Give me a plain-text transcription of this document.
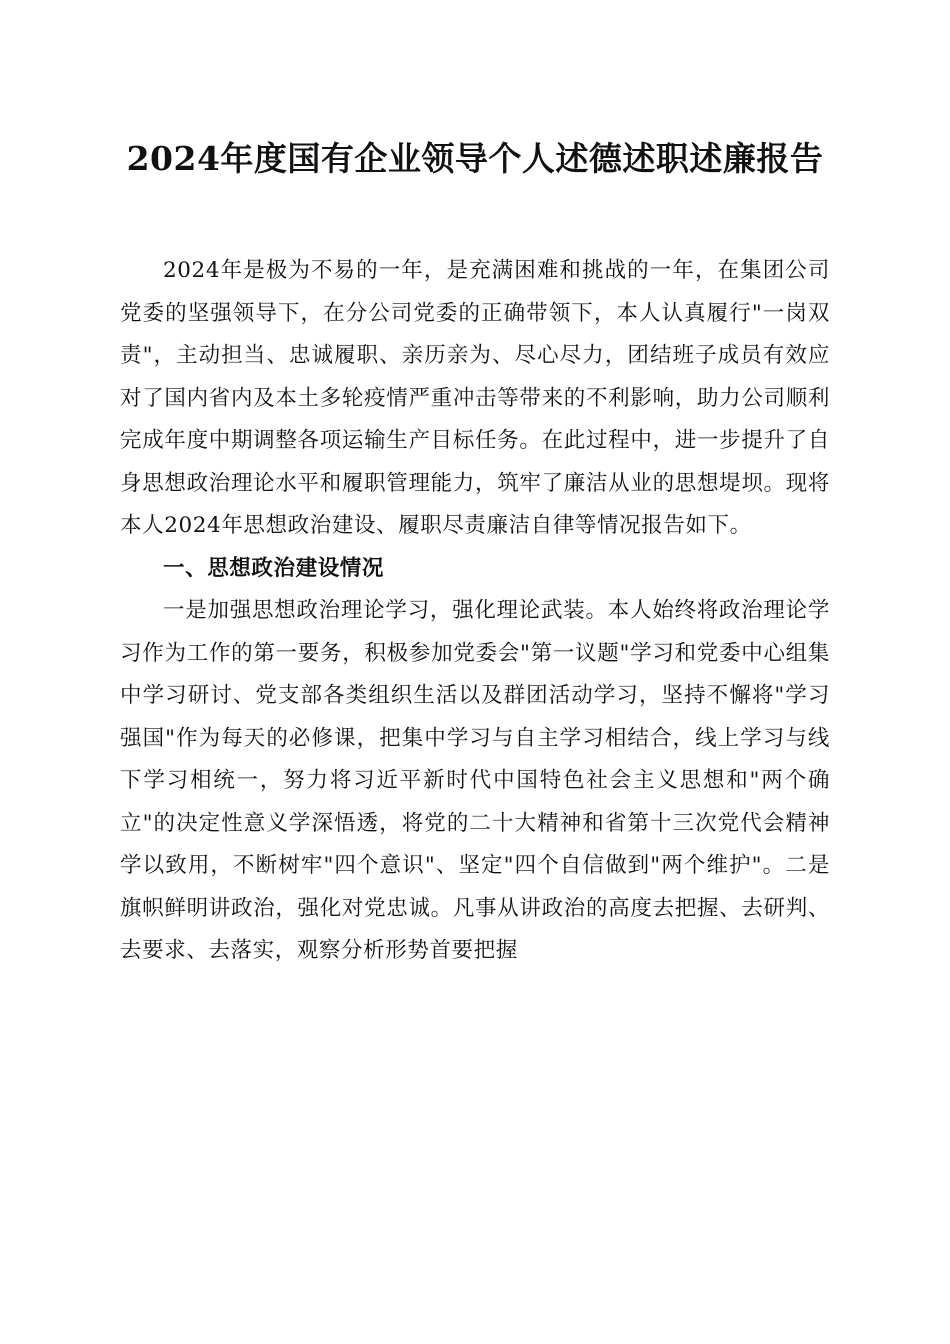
2024年度国有企业领导个人述德述职述廉报告

2024年是极为不易的一年，是充满困难和挑战的一年，在集团公司党委的坚强领导下，在分公司党委的正确带领下，本人认真履行"一岗双责"，主动担当、忠诚履职、亲历亲为、尽心尽力，团结班子成员有效应对了国内省内及本土多轮疫情严重冲击等带来的不利影响，助力公司顺利完成年度中期调整各项运输生产目标任务。在此过程中，进一步提升了自身思想政治理论水平和履职管理能力，筑牢了廉洁从业的思想堤坝。现将本人2024年思想政治建设、履职尽责廉洁自律等情况报告如下。

一、思想政治建设情况

一是加强思想政治理论学习，强化理论武装。本人始终将政治理论学习作为工作的第一要务，积极参加党委会"第一议题"学习和党委中心组集中学习研讨、党支部各类组织生活以及群团活动学习，坚持不懈将"学习强国"作为每天的必修课，把集中学习与自主学习相结合，线上学习与线下学习相统一，努力将习近平新时代中国特色社会主义思想和"两个确立"的决定性意义学深悟透，将党的二十大精神和省第十三次党代会精神学以致用，不断树牢"四个意识"、坚定"四个自信做到"两个维护"。二是旗帜鲜明讲政治，强化对党忠诚。凡事从讲政治的高度去把握、去研判、去要求、去落实，观察分析形势首要把握
